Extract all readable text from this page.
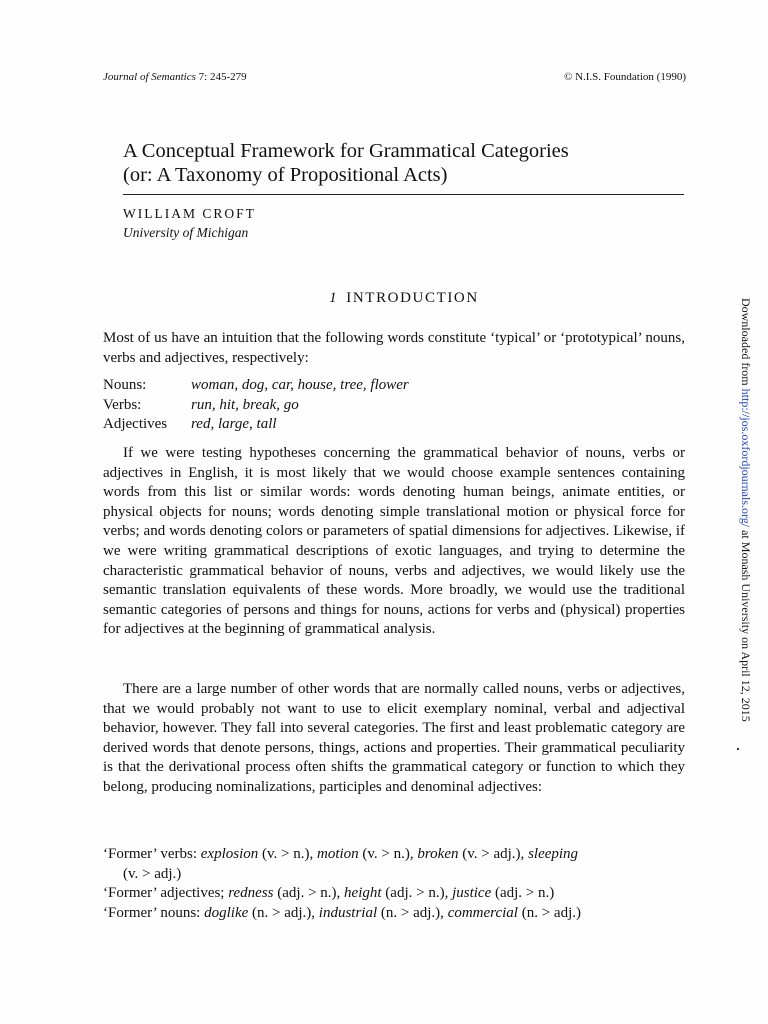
Journal of Semantics 7: 245-279	© N.I.S. Foundation (1990)
A Conceptual Framework for Grammatical Categories
(or: A Taxonomy of Propositional Acts)
WILLIAM CROFT
University of Michigan
1 INTRODUCTION
Most of us have an intuition that the following words constitute ‘typical’ or ‘prototypical’ nouns, verbs and adjectives, respectively:
Nouns:	woman, dog, car, house, tree, flower
Verbs:	run, hit, break, go
Adjectives	red, large, tall
If we were testing hypotheses concerning the grammatical behavior of nouns, verbs or adjectives in English, it is most likely that we would choose example sentences containing words from this list or similar words: words denoting human beings, animate entities, or physical objects for nouns; words denoting simple translational motion or physical force for verbs; and words denoting colors or parameters of spatial dimensions for adjectives. Likewise, if we were writing grammatical descriptions of exotic languages, and trying to determine the characteristic grammatical behavior of nouns, verbs and adjectives, we would likely use the semantic translation equivalents of these words. More broadly, we would use the traditional semantic categories of persons and things for nouns, actions for verbs and (physical) properties for adjectives at the beginning of grammatical analysis.
There are a large number of other words that are normally called nouns, verbs or adjectives, that we would probably not want to use to elicit exemplary nominal, verbal and adjectival behavior, however. They fall into several categories. The first and least problematic category are derived words that denote persons, things, actions and properties. Their grammatical peculiarity is that the derivational process often shifts the grammatical category or function to which they belong, producing nominalizations, participles and denominal adjectives:
‘Former’ verbs: explosion (v. > n.), motion (v. > n.), broken (v. > adj.), sleeping
(v. > adj.)
‘Former’ adjectives; redness (adj. > n.), height (adj. > n.), justice (adj. > n.)
‘Former’ nouns: doglike (n. > adj.), industrial (n. > adj.), commercial (n. > adj.)
Downloaded from http://jos.oxfordjournals.org/ at Monash University on April 12, 2015
